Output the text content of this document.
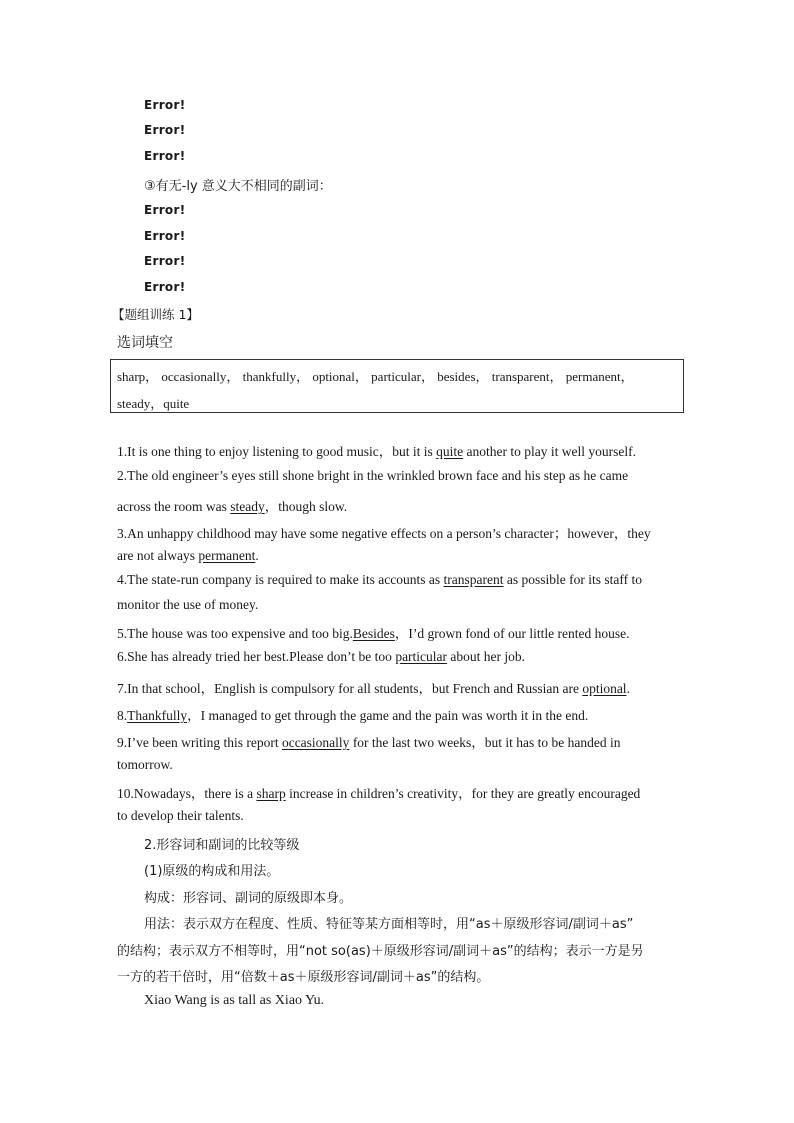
Error!
Error!
Error!
③有无-ly 意义大不相同的副词：
Error!
Error!
Error!
Error!
【题组训练 1】
选词填空
sharp， occasionally， thankfully， optional， particular， besides， transparent， permanent，
steady，quite
1.It is one thing to enjoy listening to good music，but it is quite another to play it well yourself.
2.The old engineer’s eyes still shone bright in the wrinkled brown face and his step as he came
across the room was steady，though slow.
3.An unhappy childhood may have some negative effects on a person’s character；however，they
are not always permanent.
4.The state-run company is required to make its accounts as transparent as possible for its staff to
monitor the use of money.
5.The house was too expensive and too big.Besides，I’d grown fond of our little rented house.
6.She has already tried her best.Please don’t be too particular about her job.
7.In that school，English is compulsory for all students，but French and Russian are optional.
8.Thankfully，I managed to get through the game and the pain was worth it in the end.
9.I’ve been writing this report occasionally for the last two weeks，but it has to be handed in
tomorrow.
10.Nowadays，there is a sharp increase in children’s creativity，for they are greatly encouraged
to develop their talents.
2.形容词和副词的比较等级
(1)原级的构成和用法。
构成：形容词、副词的原级即本身。
用法：表示双方在程度、性质、特征等某方面相等时，用“as＋原级形容词/副词＋as”
的结构；表示双方不相等时，用“not so(as)＋原级形容词/副词＋as”的结构；表示一方是另
一方的若干倍时，用“倍数＋as＋原级形容词/副词＋as”的结构。
Xiao Wang is as tall as Xiao Yu.
